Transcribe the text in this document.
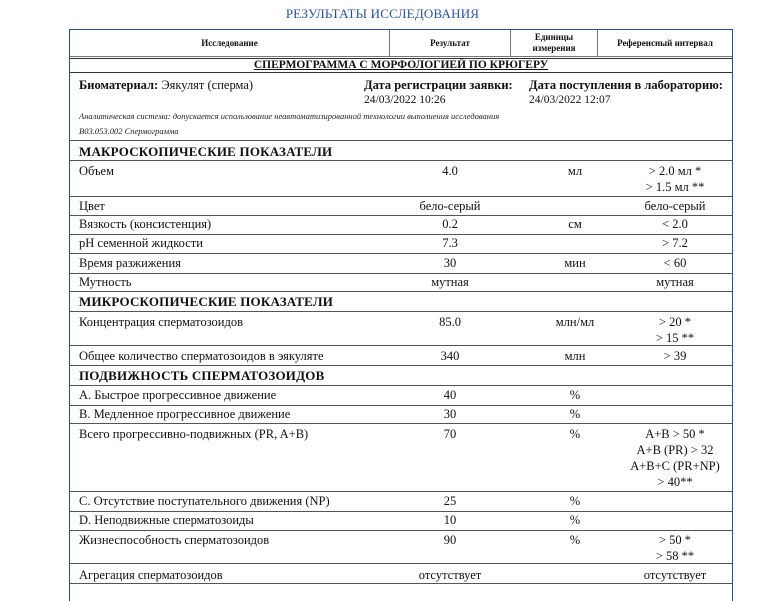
РЕЗУЛЬТАТЫ ИССЛЕДОВАНИЯ
Исследование	Результат	Единицы измерения	Референсный интервал
СПЕРМОГРАММА С МОРФОЛОГИЕЙ ПО КРЮГЕРУ
Биоматериал: Эякулят (сперма)	Дата регистрации заявки:
24/03/2022 10:26
Дата поступления в лабораторию:
24/03/2022 12:07
Аналитическая система: допускается использование неавтоматизированной технологии выполнения исследования
В03.053.002 Спермограмма
МАКРОСКОПИЧЕСКИЕ ПОКАЗАТЕЛИ
Объем	4.0	мл	> 2.0 мл *
> 1.5 мл **
Цвет	бело-серый	бело-серый
Вязкость (консистенция)	0.2	см	< 2.0
pH семенной жидкости	7.3	> 7.2
Время разжижения	30	мин	< 60
Мутность	мутная	мутная
МИКРОСКОПИЧЕСКИЕ ПОКАЗАТЕЛИ
Концентрация сперматозоидов	85.0	млн/мл	> 20 *
> 15 **
Общее количество сперматозоидов в эякуляте	340	млн	> 39
ПОДВИЖНОСТЬ СПЕРМАТОЗОИДОВ
A. Быстрое прогрессивное движение	40	%
B. Медленное прогрессивное движение	30	%
Всего прогрессивно-подвижных (PR, A+B)	70	%	A+B > 50 *
A+B (PR) > 32
A+B+C (PR+NP)
> 40**
C. Отсутствие поступательного движения (NP)	25	%
D. Неподвижные сперматозоиды	10	%
Жизнеспособность сперматозоидов	90	%	> 50 *
> 58 **
Агрегация сперматозоидов	отсутствует	отсутствует
